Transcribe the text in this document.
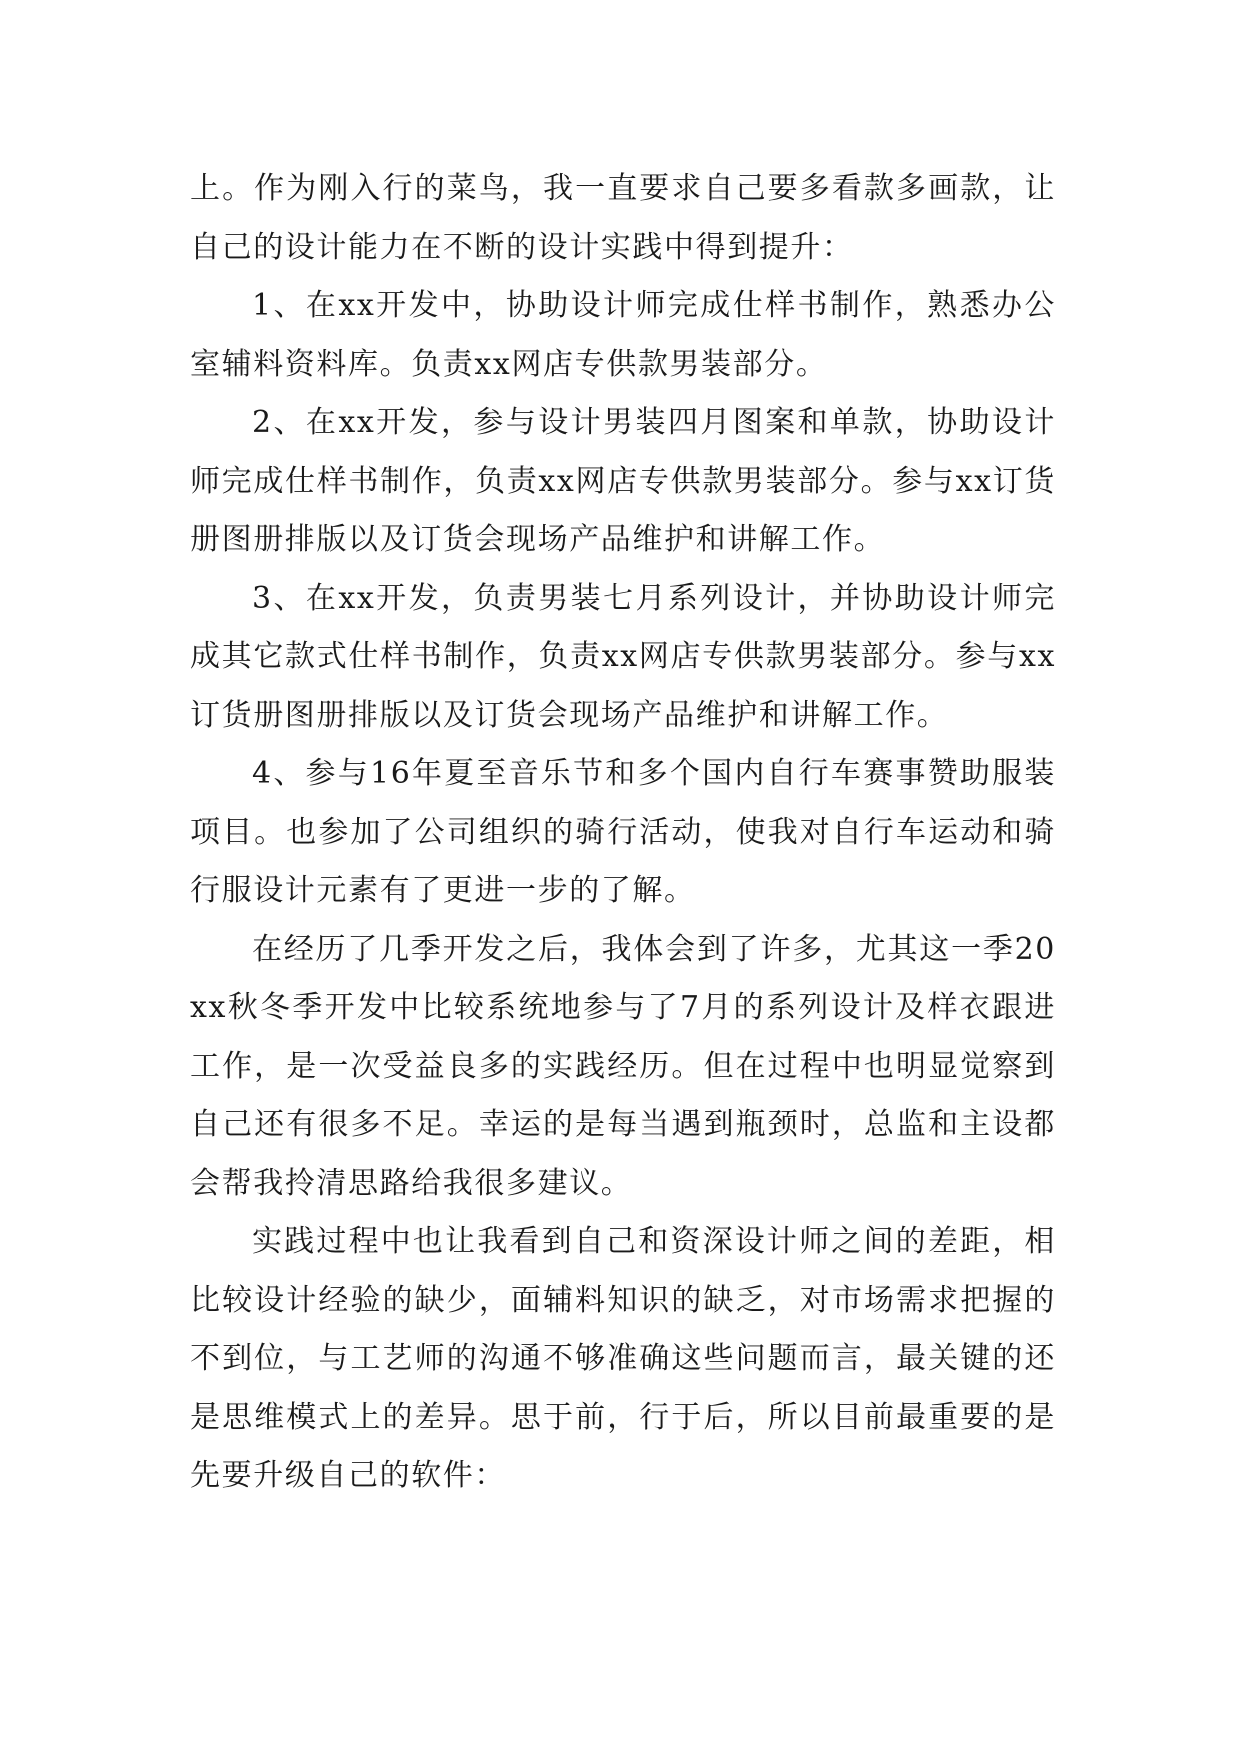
上。作为刚入行的菜鸟，我一直要求自己要多看款多画款，让自己的设计能力在不断的设计实践中得到提升：

1、在xx开发中，协助设计师完成仕样书制作，熟悉办公室辅料资料库。负责xx网店专供款男装部分。

2、在xx开发，参与设计男装四月图案和单款，协助设计师完成仕样书制作，负责xx网店专供款男装部分。参与xx订货册图册排版以及订货会现场产品维护和讲解工作。

3、在xx开发，负责男装七月系列设计，并协助设计师完成其它款式仕样书制作，负责xx网店专供款男装部分。参与xx订货册图册排版以及订货会现场产品维护和讲解工作。

4、参与16年夏至音乐节和多个国内自行车赛事赞助服装项目。也参加了公司组织的骑行活动，使我对自行车运动和骑行服设计元素有了更进一步的了解。

在经历了几季开发之后，我体会到了许多，尤其这一季20xx秋冬季开发中比较系统地参与了7月的系列设计及样衣跟进工作，是一次受益良多的实践经历。但在过程中也明显觉察到自己还有很多不足。幸运的是每当遇到瓶颈时，总监和主设都会帮我拎清思路给我很多建议。

实践过程中也让我看到自己和资深设计师之间的差距，相比较设计经验的缺少，面辅料知识的缺乏，对市场需求把握的不到位，与工艺师的沟通不够准确这些问题而言，最关键的还是思维模式上的差异。思于前，行于后，所以目前最重要的是先要升级自己的软件：
